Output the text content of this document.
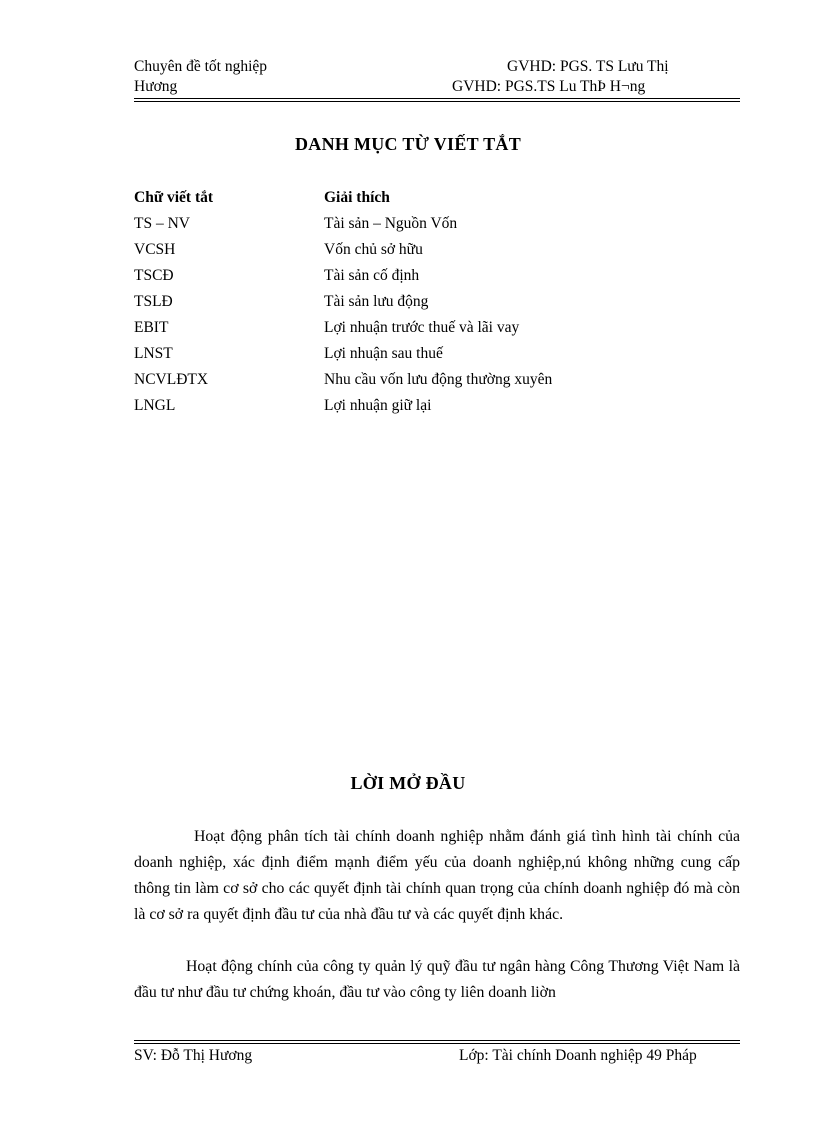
Chuyên đề tốt nghiệp	GVHD: PGS. TS Lưu Thị
Hương	GVHD: PGS.TS Lu ThÞ H¬ng
DANH MỤC TỪ VIẾT TẮT
Chữ viết tắt	Giải thích
TS – NV	Tài sản – Nguồn Vốn
VCSH	Vốn chủ sở hữu
TSCĐ	Tài sản cố định
TSLĐ	Tài sản lưu động
EBIT	Lợi nhuận trước thuế và lãi vay
LNST	Lợi nhuận sau thuế
NCVLĐTX	Nhu cầu vốn lưu động thường xuyên
LNGL	Lợi nhuận giữ lại
LỜI MỞ ĐẦU

Hoạt động phân tích tài chính doanh nghiệp nhằm đánh giá tình hình tài chính của doanh nghiệp, xác định điểm mạnh điểm yếu của doanh nghiệp,nú không những cung cấp thông tin làm cơ sở cho các quyết định tài chính quan trọng của chính doanh nghiệp đó mà còn là cơ sở ra quyết định đầu tư của nhà đầu tư và các quyết định khác.

Hoạt động chính của công ty quản lý quỹ đầu tư ngân hàng Công Thương Việt Nam là đầu tư như đầu tư chứng khoán, đầu tư vào công ty liên doanh liờn

SV: Đỗ Thị Hương	Lớp: Tài chính Doanh nghiệp 49 Pháp
